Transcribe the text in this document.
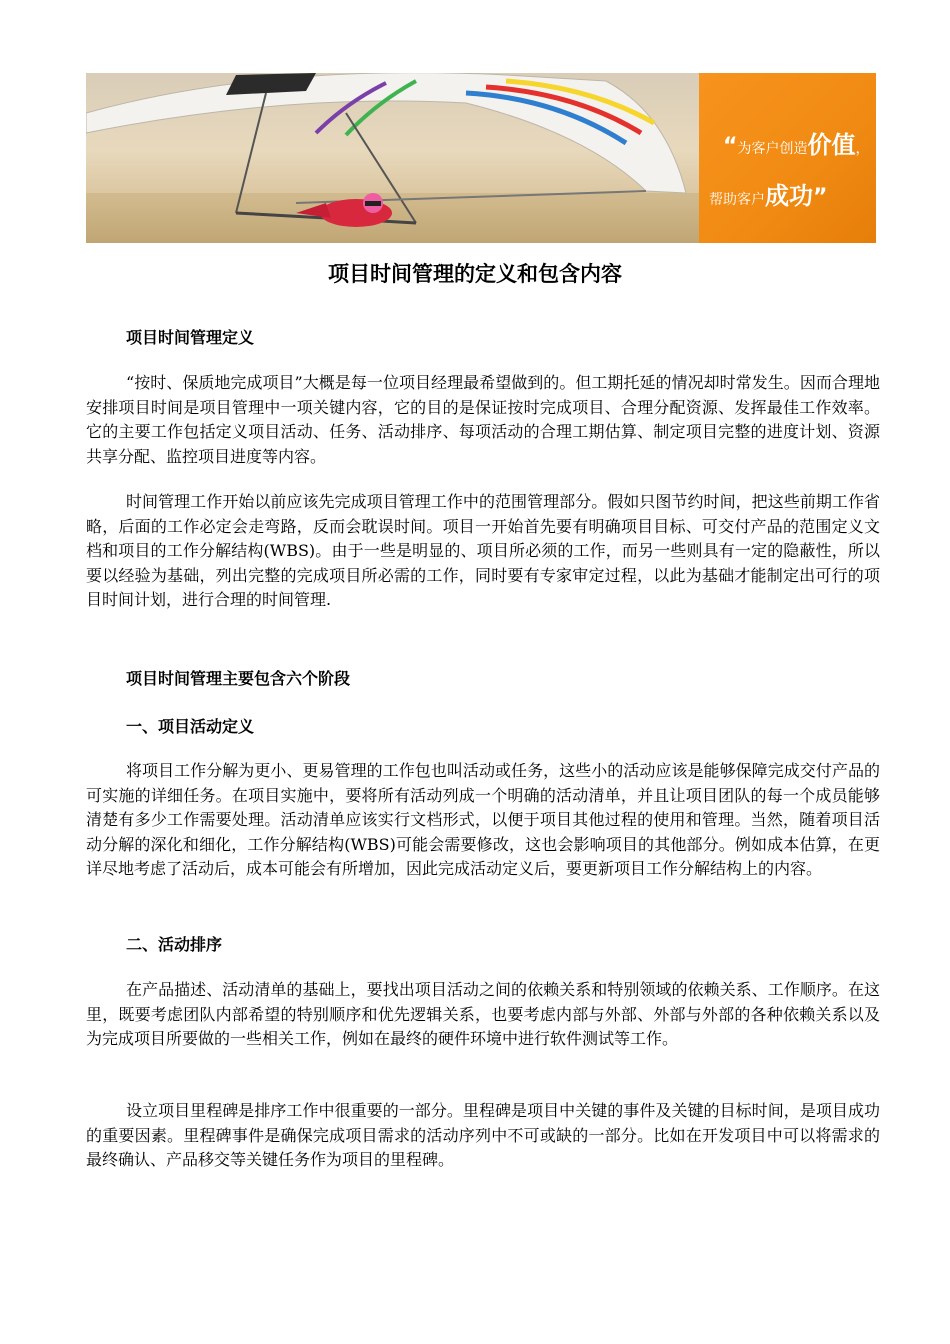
“为客户创造价值，
帮助客户成功”
项目时间管理的定义和包含内容
项目时间管理定义

“按时、保质地完成项目”大概是每一位项目经理最希望做到的。但工期托延的情况却时常发生。因而合理地安排项目时间是项目管理中一项关键内容，它的目的是保证按时完成项目、合理分配资源、发挥最佳工作效率。它的主要工作包括定义项目活动、任务、活动排序、每项活动的合理工期估算、制定项目完整的进度计划、资源共享分配、监控项目进度等内容。

时间管理工作开始以前应该先完成项目管理工作中的范围管理部分。假如只图节约时间，把这些前期工作省略，后面的工作必定会走弯路，反而会耽误时间。项目一开始首先要有明确项目目标、可交付产品的范围定义文档和项目的工作分解结构(WBS)。由于一些是明显的、项目所必须的工作，而另一些则具有一定的隐蔽性，所以要以经验为基础，列出完整的完成项目所必需的工作，同时要有专家审定过程，以此为基础才能制定出可行的项目时间计划，进行合理的时间管理.

项目时间管理主要包含六个阶段
一、项目活动定义

将项目工作分解为更小、更易管理的工作包也叫活动或任务，这些小的活动应该是能够保障完成交付产品的可实施的详细任务。在项目实施中，要将所有活动列成一个明确的活动清单，并且让项目团队的每一个成员能够清楚有多少工作需要处理。活动清单应该实行文档形式，以便于项目其他过程的使用和管理。当然，随着项目活动分解的深化和细化，工作分解结构(WBS)可能会需要修改，这也会影响项目的其他部分。例如成本估算，在更详尽地考虑了活动后，成本可能会有所增加，因此完成活动定义后，要更新项目工作分解结构上的内容。

二、活动排序

在产品描述、活动清单的基础上，要找出项目活动之间的依赖关系和特别领域的依赖关系、工作顺序。在这里，既要考虑团队内部希望的特别顺序和优先逻辑关系，也要考虑内部与外部、外部与外部的各种依赖关系以及为完成项目所要做的一些相关工作，例如在最终的硬件环境中进行软件测试等工作。

设立项目里程碑是排序工作中很重要的一部分。里程碑是项目中关键的事件及关键的目标时间，是项目成功的重要因素。里程碑事件是确保完成项目需求的活动序列中不可或缺的一部分。比如在开发项目中可以将需求的最终确认、产品移交等关键任务作为项目的里程碑。
